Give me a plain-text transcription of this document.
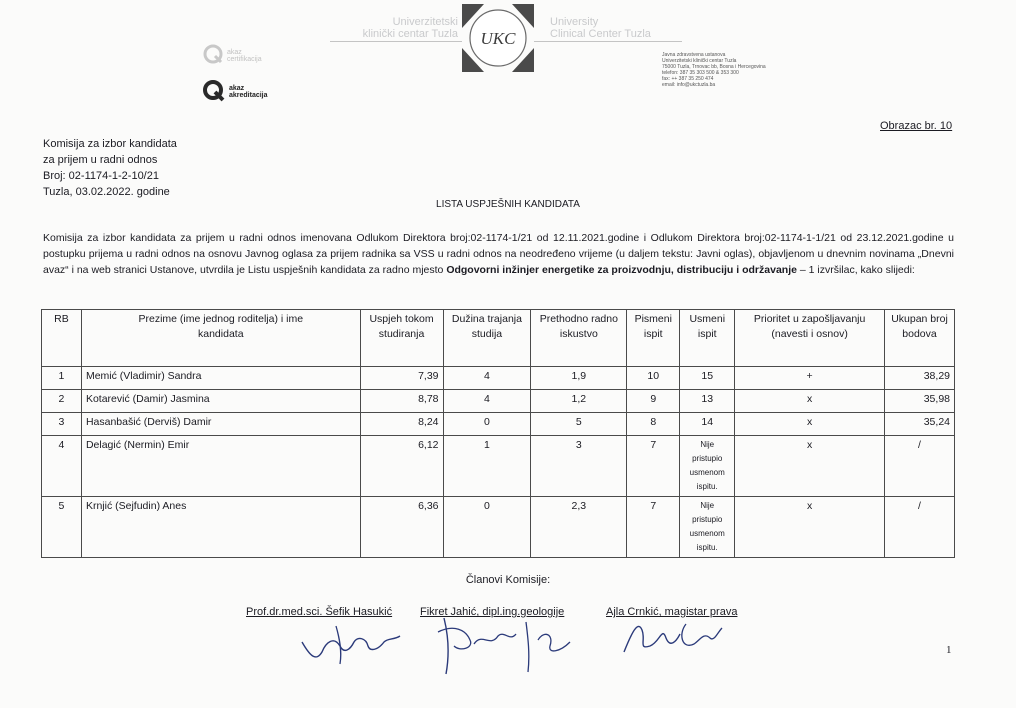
Univerzitetski
klinički centar Tuzla UKC
University
Clinical Center Tuzla
akaz
certifikacija
akaz
akreditacija
Javna zdravstvena ustanova
Univerzitetski klinički centar Tuzla
75000 Tuzla, Trnovac bb, Bosna i Hercegovina
telefon: 387 35 303 500 & 353 300
fax: ++ 387 35 250 474
email: info@ukctuzla.ba
Obrazac br. 10
Komisija za izbor kandidata
za prijem u radni odnos
Broj: 02-1174-1-2-10/21
Tuzla, 03.02.2022. godine
LISTA USPJEŠNIH KANDIDATA
Komisija za izbor kandidata za prijem u radni odnos imenovana Odlukom Direktora broj:02-1174-1/21 od 12.11.2021.godine i Odlukom Direktora broj:02-1174-1-1/21 od 23.12.2021.godine u postupku prijema u radni odnos na osnovu Javnog oglasa za prijem radnika sa VSS u radni odnos na neodređeno vrijeme (u daljem tekstu: Javni oglas), objavljenom u dnevnim novinama „Dnevni avaz“ i na web stranici Ustanove, utvrdila je Listu uspješnih kandidata za radno mjesto Odgovorni inžinjer energetike za proizvodnju, distribuciju i održavanje – 1 izvršilac, kako slijedi:
RB	Prezime (ime jednog roditelja) i ime kandidata	Uspjeh tokom studiranja	Dužina trajanja studija	Prethodno radno iskustvo	Pismeni ispit	Usmeni ispit	Prioritet u zapošljavanju (navesti i osnov)	Ukupan broj bodova
1	Memić (Vladimir) Sandra	7,39	4	1,9	10	15	+	38,29
2	Kotarević (Damir) Jasmina	8,78	4	1,2	9	13	x	35,98
3	Hasanbašić (Derviš) Damir	8,24	0	5	8	14	x	35,24
4	Delagić (Nermin) Emir	6,12	1	3	7	Nije pristupio usmenom ispitu.	x	/
5	Krnjić (Sejfudin) Anes	6,36	0	2,3	7	Nije pristupio usmenom ispitu.	x	/
Članovi Komisije:
Prof.dr.med.sci. Šefik Hasukić	Fikret Jahić, dipl.ing.geologije	Ajla Crnkić, magistar prava
1
